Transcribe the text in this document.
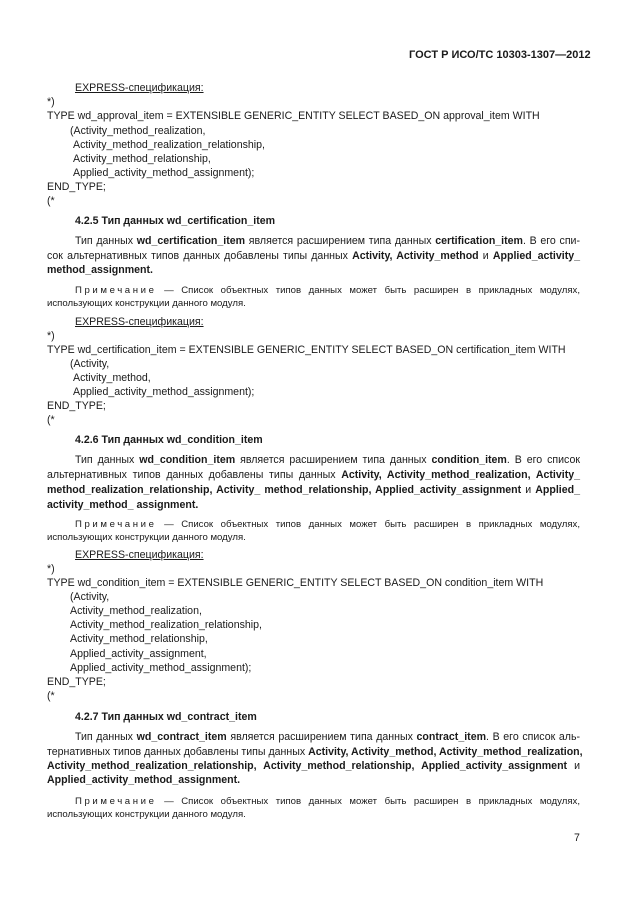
ГОСТ Р ИСО/ТС 10303-1307—2012
EXPRESS-спецификация:
*)
TYPE wd_approval_item = EXTENSIBLE GENERIC_ENTITY SELECT BASED_ON approval_item WITH
(Activity_method_realization,
Activity_method_realization_relationship,
Activity_method_relationship,
Applied_activity_method_assignment);
END_TYPE;
(*
4.2.5 Тип данных wd_certification_item
Тип данных wd_certification_item является расширением типа данных certification_item. В его спи-
сок альтернативных типов данных добавлены типы данных Activity, Activity_method и Applied_activity_
method_assignment.
Примечание — Список объектных типов данных может быть расширен в прикладных модулях,
использующих конструкции данного модуля.
EXPRESS-спецификация:
*)
TYPE wd_certification_item = EXTENSIBLE GENERIC_ENTITY SELECT BASED_ON certification_item WITH
(Activity,
Activity_method,
Applied_activity_method_assignment);
END_TYPE;
(*
4.2.6 Тип данных wd_condition_item
Тип данных wd_condition_item является расширением типа данных condition_item. В его список
альтернативных типов данных добавлены типы данных Activity, Activity_method_realization, Activity_
method_realization_relationship, Activity_ method_relationship, Applied_activity_assignment и Applied_
activity_method_ assignment.
Примечание — Список объектных типов данных может быть расширен в прикладных модулях,
использующих конструкции данного модуля.
EXPRESS-спецификация:
*)
TYPE wd_condition_item = EXTENSIBLE GENERIC_ENTITY SELECT BASED_ON condition_item WITH
(Activity,
Activity_method_realization,
Activity_method_realization_relationship,
Activity_method_relationship,
Applied_activity_assignment,
Applied_activity_method_assignment);
END_TYPE;
(*
4.2.7 Тип данных wd_contract_item
Тип данных wd_contract_item является расширением типа данных contract_item. В его список аль-
тернативных типов данных добавлены типы данных Activity, Activity_method, Activity_method_realization,
Activity_method_realization_relationship, Activity_method_relationship, Applied_activity_assignment и
Applied_activity_method_assignment.
Примечание — Список объектных типов данных может быть расширен в прикладных модулях,
использующих конструкции данного модуля.
7
